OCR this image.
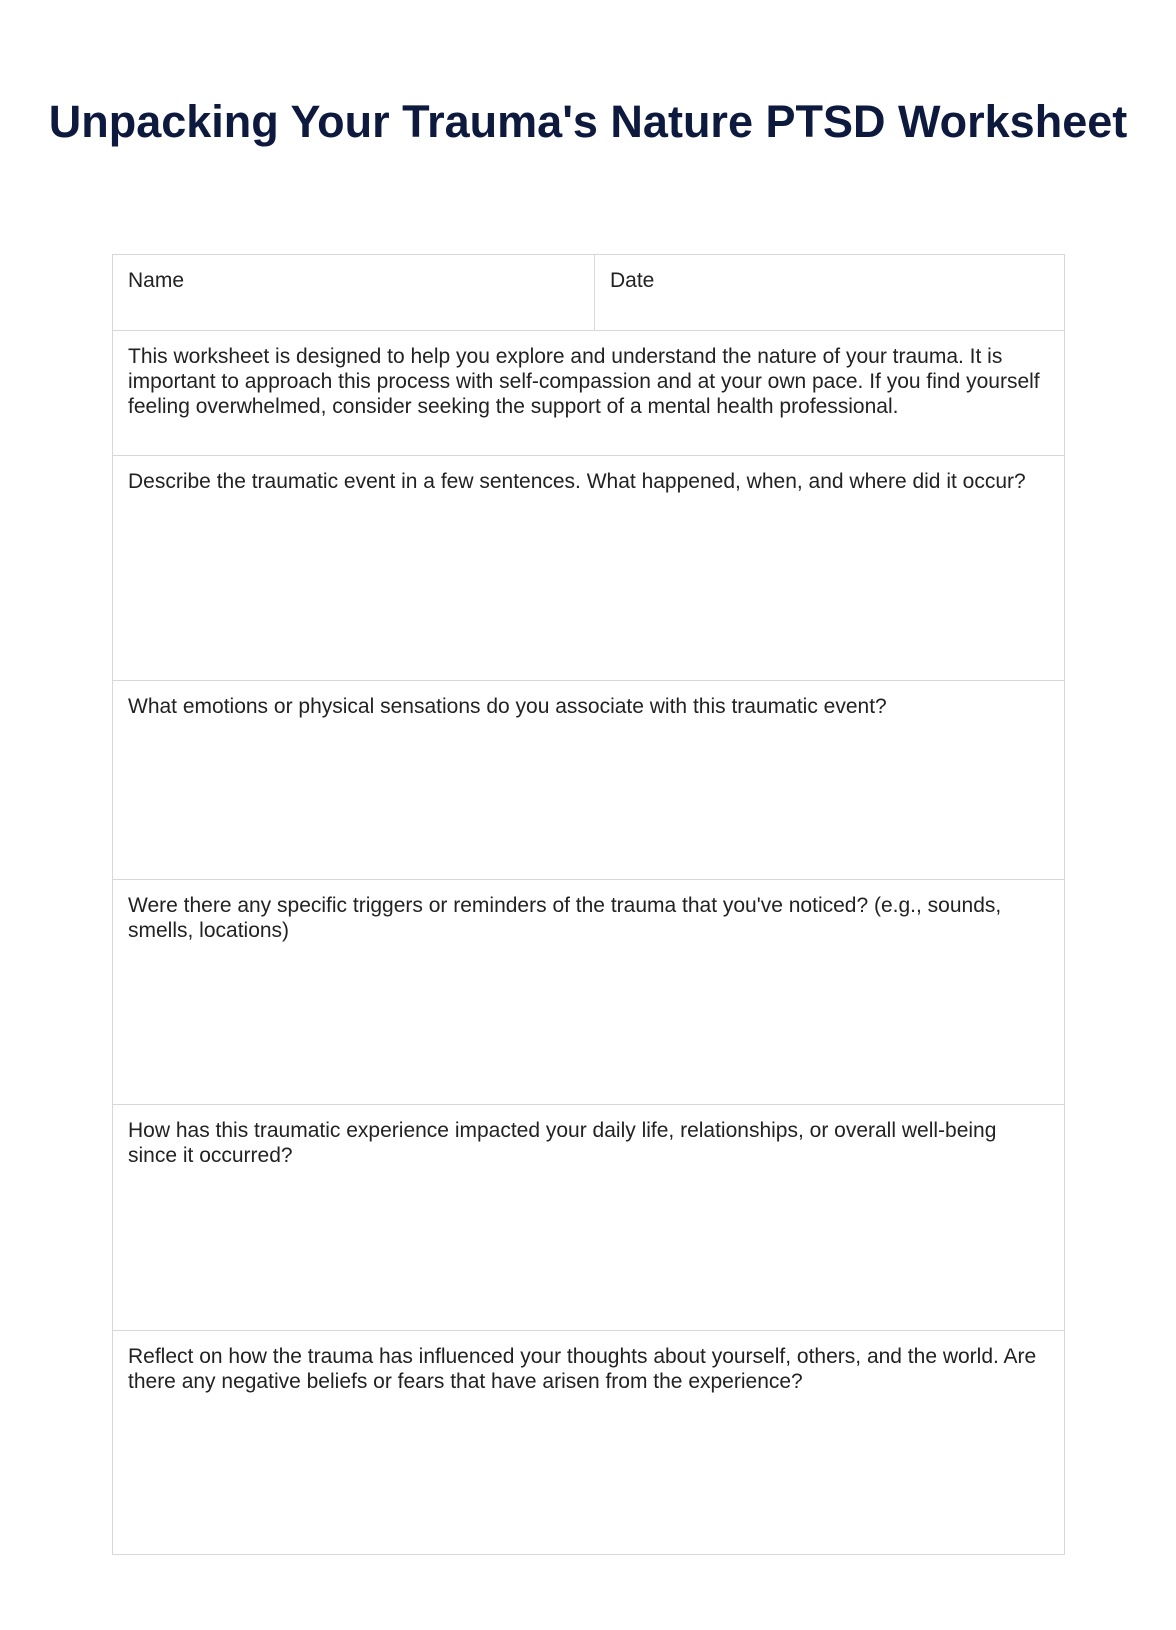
Unpacking Your Trauma's Nature PTSD Worksheet
Name	Date
This worksheet is designed to help you explore and understand the nature of your trauma. It is important to approach this process with self-compassion and at your own pace. If you find yourself feeling overwhelmed, consider seeking the support of a mental health professional.
Describe the traumatic event in a few sentences. What happened, when, and where did it occur?
What emotions or physical sensations do you associate with this traumatic event?
Were there any specific triggers or reminders of the trauma that you've noticed? (e.g., sounds, smells, locations)
How has this traumatic experience impacted your daily life, relationships, or overall well-being since it occurred?
Reflect on how the trauma has influenced your thoughts about yourself, others, and the world. Are there any negative beliefs or fears that have arisen from the experience?
